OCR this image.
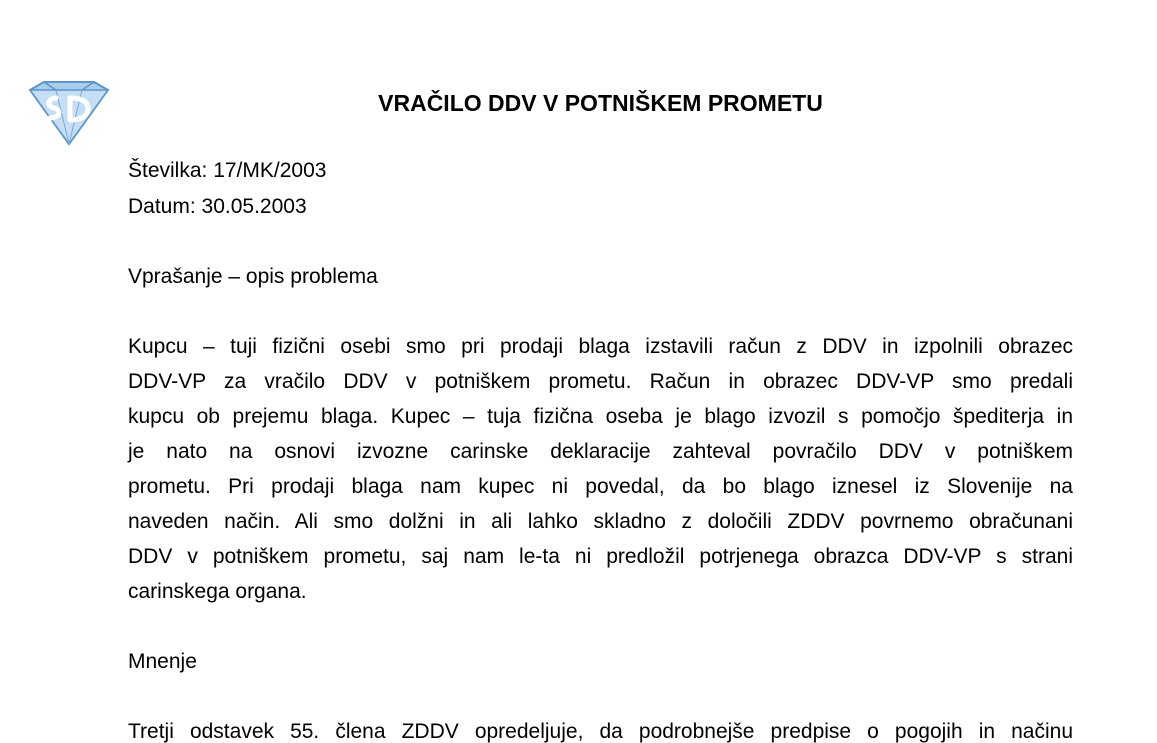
VRAČILO DDV V POTNIŠKEM PROMETU

Številka: 17/MK/2003

Datum: 30.05.2003

Vprašanje – opis problema

Kupcu – tuji fizični osebi smo pri prodaji blaga izstavili račun z DDV in izpolnili obrazec
DDV-VP za vračilo DDV v potniškem prometu. Račun in obrazec DDV-VP smo predali
kupcu ob prejemu blaga. Kupec – tuja fizična oseba je blago izvozil s pomočjo špediterja in
je nato na osnovi izvozne carinske deklaracije zahteval povračilo DDV v potniškem
prometu. Pri prodaji blaga nam kupec ni povedal, da bo blago iznesel iz Slovenije na
naveden način. Ali smo dolžni in ali lahko skladno z določili ZDDV povrnemo obračunani
DDV v potniškem prometu, saj nam le-ta ni predložil potrjenega obrazca DDV-VP s strani
carinskega organa.

Mnenje

Tretji odstavek 55. člena ZDDV opredeljuje, da podrobnejše predpise o pogojih in načinu
